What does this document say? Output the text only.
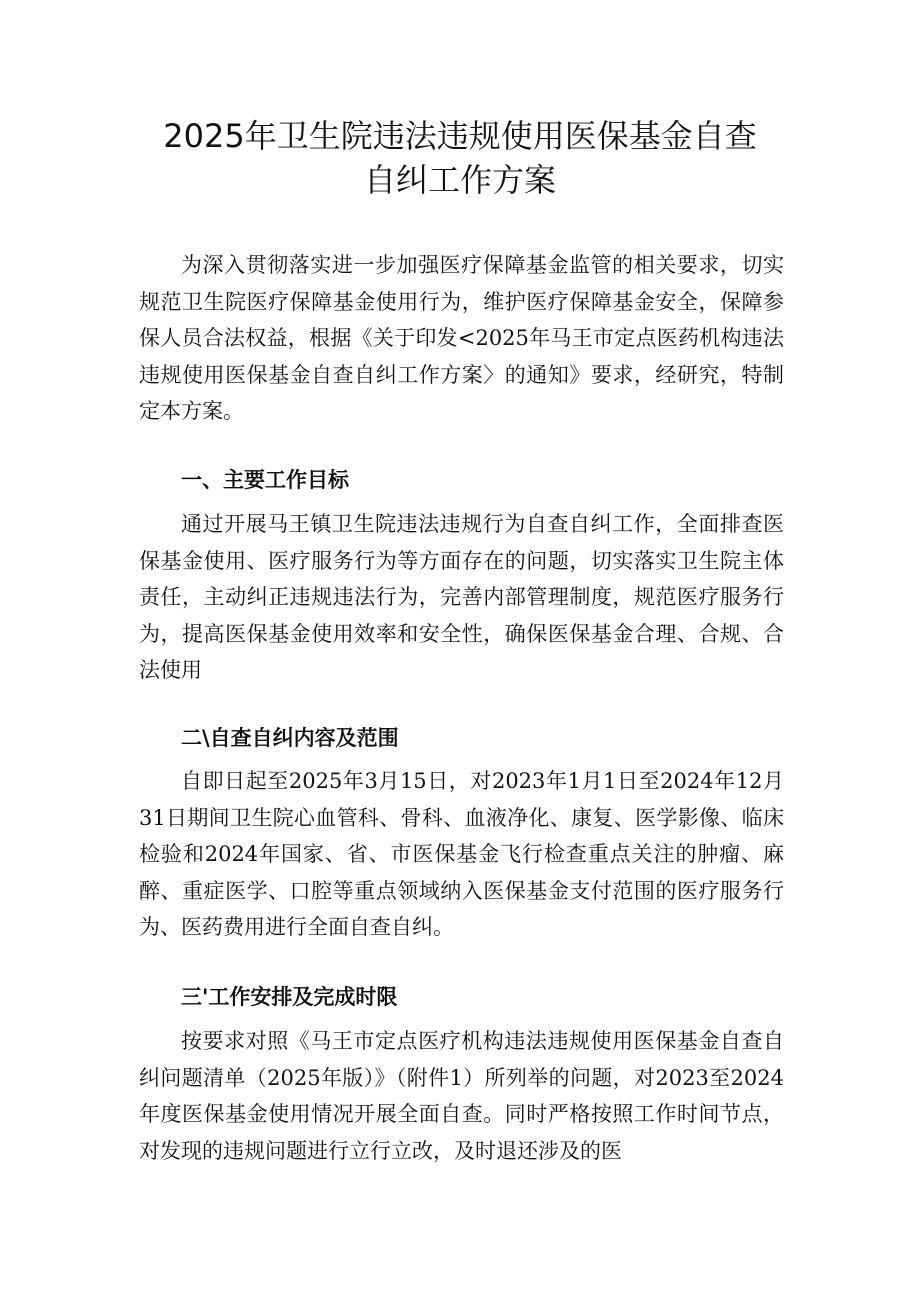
2025年卫生院违法违规使用医保基金自查
自纠工作方案

为深入贯彻落实进一步加强医疗保障基金监管的相关要求，切实规范卫生院医疗保障基金使用行为，维护医疗保障基金安全，保障参保人员合法权益，根据《关于印发<2025年马王市定点医药机构违法违规使用医保基金自查自纠工作方案〉的通知》要求，经研究，特制定本方案。

一、主要工作目标

通过开展马王镇卫生院违法违规行为自查自纠工作，全面排查医保基金使用、医疗服务行为等方面存在的问题，切实落实卫生院主体责任，主动纠正违规违法行为，完善内部管理制度，规范医疗服务行为，提高医保基金使用效率和安全性，确保医保基金合理、合规、合法使用

二\自查自纠内容及范围

自即日起至2025年3月15日，对2023年1月1日至2024年12月31日期间卫生院心血管科、骨科、血液净化、康复、医学影像、临床检验和2024年国家、省、市医保基金飞行检查重点关注的肿瘤、麻醉、重症医学、口腔等重点领域纳入医保基金支付范围的医疗服务行为、医药费用进行全面自查自纠。

三'工作安排及完成时限

按要求对照《马王市定点医疗机构违法违规使用医保基金自查自纠问题清单（2025年版）》（附件1）所列举的问题，对2023至2024年度医保基金使用情况开展全面自查。同时严格按照工作时间节点，对发现的违规问题进行立行立改，及时退还涉及的医
